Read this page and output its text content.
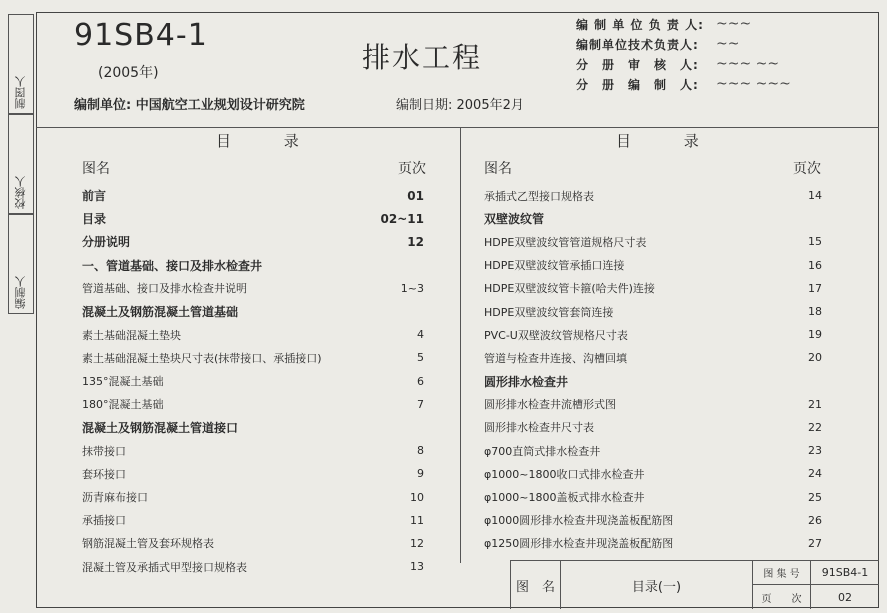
制图人
校核人
编制人
91SB4-1
(2005年)
编制单位: 中国航空工业规划设计研究院
排水工程
编制日期: 2005年2月
编 制 单 位 负 责 人: ~~~
编制单位技术负责人:	~~
分　册　审　核　人:	~~~ ~~
分　册　编　制　人:	~~~ ~~~
目 录
图名	页次
前言	01
目录	02~11
分册说明	12
一、管道基础、接口及排水检查井
管道基础、接口及排水检查井说明	1~3
混凝土及钢筋混凝土管道基础
素土基础混凝土垫块	4
素土基础混凝土垫块尺寸表(抹带接口、承插接口)	5
135°混凝土基础	6
180°混凝土基础	7
混凝土及钢筋混凝土管道接口
抹带接口	8
套环接口	9
沥青麻布接口	10
承插接口	11
钢筋混凝土管及套环规格表	12
混凝土管及承插式甲型接口规格表	13
目 录
图名	页次
承插式乙型接口规格表	14
双壁波纹管
HDPE双壁波纹管管道规格尺寸表	15
HDPE双壁波纹管承插口连接	16
HDPE双壁波纹管卡箍(哈夫件)连接	17
HDPE双壁波纹管套筒连接	18
PVC-U双壁波纹管规格尺寸表	19
管道与检查井连接、沟槽回填	20
圆形排水检查井
圆形排水检查井流槽形式图	21
圆形排水检查井尺寸表	22
φ700直筒式排水检查井	23
φ1000~1800收口式排水检查井	24
φ1000~1800盖板式排水检查井	25
φ1000圆形排水检查井现浇盖板配筋图	26
φ1250圆形排水检查井现浇盖板配筋图	27
图　名	目录(一)
图 集 号	91SB4-1
页　　次	02
